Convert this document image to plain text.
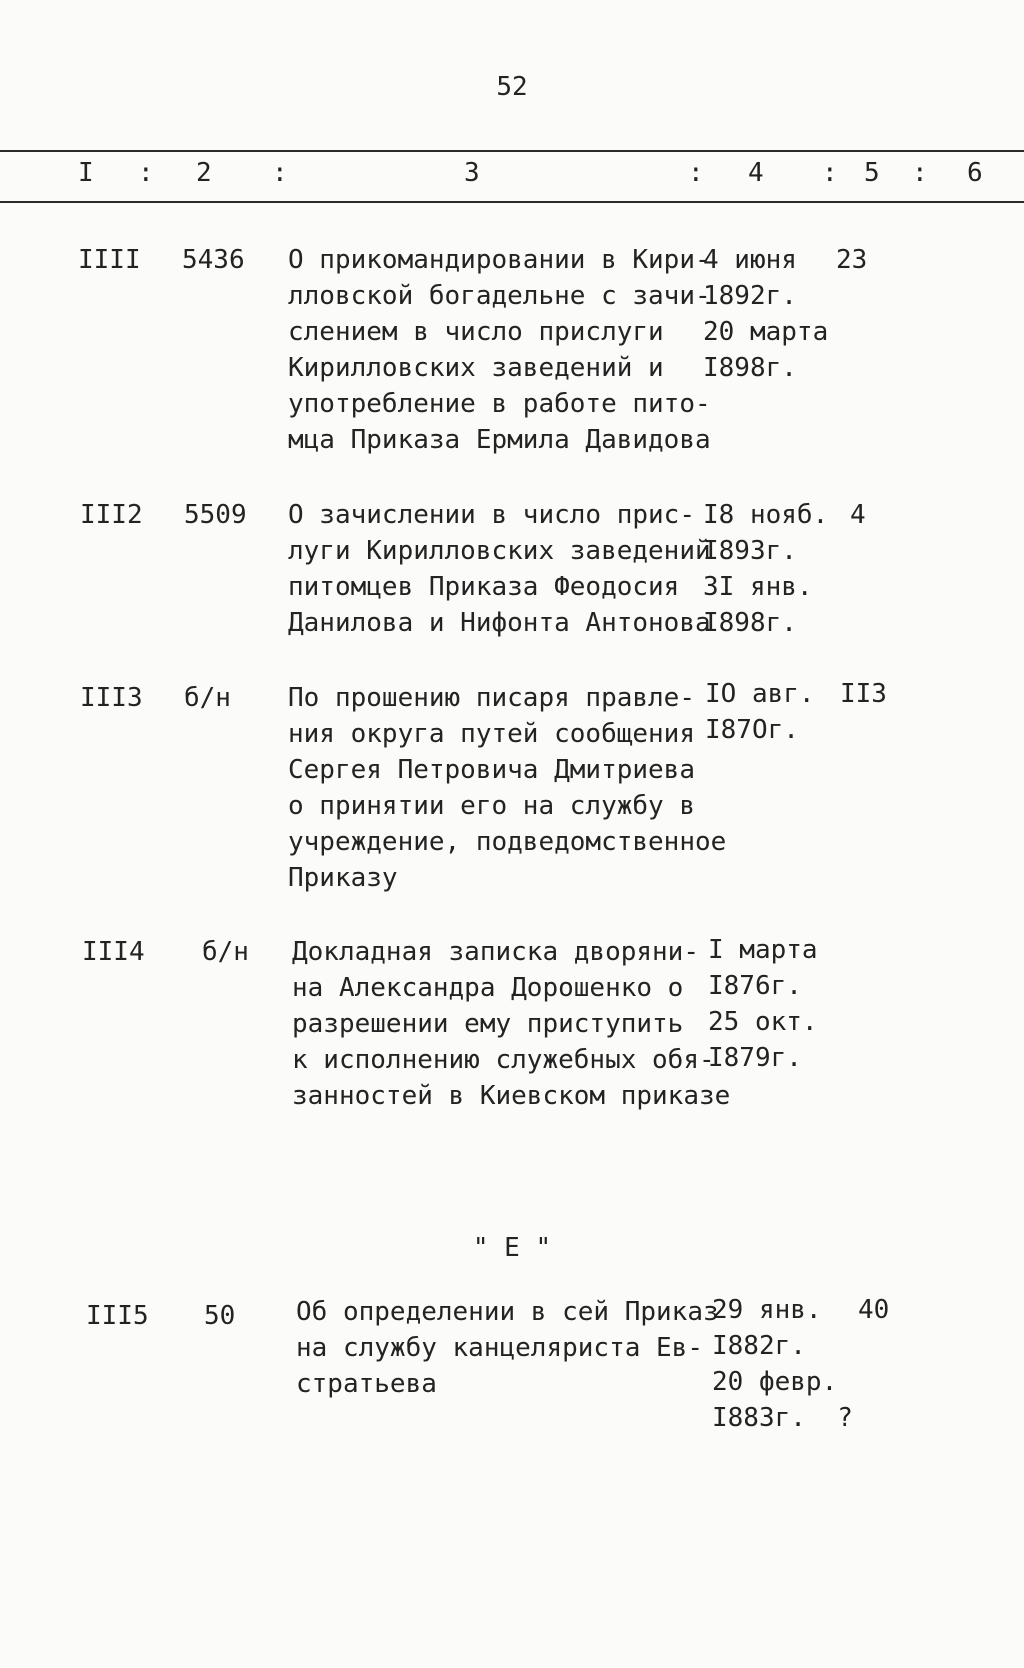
52
I : 2 :	3	: 4 : 5 : 6
IIII 5436 О прикомандировании в Кири-
лловской богадельне с зачи-
слением в число прислуги
Кирилловских заведений и
употребление в работе пито-
мца Приказа Ермила Давидова
4 июня
1892г.
20 марта
I898г.
23
III2 5509 О зачислении в число прис-
луги Кирилловских заведений
питомцев Приказа Феодосия
Данилова и Нифонта Антонова
I8 нояб.
I893г.
3I янв.
I898г.
4
III3 б/н По прошению писаря правле-
ния округа путей сообщения
Сергея Петровича Дмитриева
о принятии его на службу в
учреждение, подведомственное
Приказу
IO авг.
I87Oг.
II3
III4 б/н Докладная записка дворяни-
на Александра Дорошенко о
разрешении ему приступить
к исполнению служебных обя-
занностей в Киевском приказе
I марта
I876г.
25 окт.
I879г.
" Е "
III5 50 Об определении в сей Приказ
на службу канцеляриста Ев-
стратьева
29 янв.
I882г.
20 февр.
I883г.  ?
40
